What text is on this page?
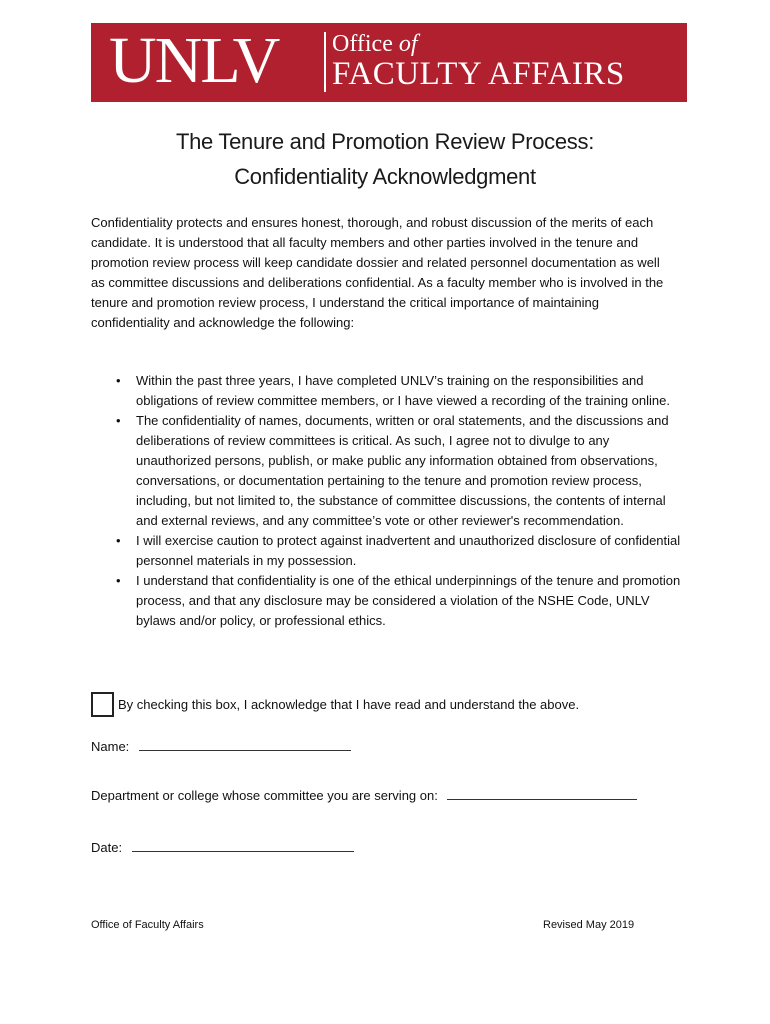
UNLV Office of
FACULTY AFFAIRS
The Tenure and Promotion Review Process:
Confidentiality Acknowledgment
Confidentiality protects and ensures honest, thorough, and robust discussion of the merits of each candidate. It is understood that all faculty members and other parties involved in the tenure and promotion review process will keep candidate dossier and related personnel documentation as well as committee discussions and deliberations confidential. As a faculty member who is involved in the tenure and promotion review process, I understand the critical importance of maintaining confidentiality and acknowledge the following:
•	Within the past three years, I have completed UNLV’s training on the responsibilities and obligations of review committee members, or I have viewed a recording of the training online.
•	The confidentiality of names, documents, written or oral statements, and the discussions and deliberations of review committees is critical. As such, I agree not to divulge to any unauthorized persons, publish, or make public any information obtained from observations, conversations, or documentation pertaining to the tenure and promotion review process, including, but not limited to, the substance of committee discussions, the contents of internal and external reviews, and any committee’s vote or other reviewer's recommendation.
•	I will exercise caution to protect against inadvertent and unauthorized disclosure of confidential personnel materials in my possession.
•	I understand that confidentiality is one of the ethical underpinnings of the tenure and promotion process, and that any disclosure may be considered a violation of the NSHE Code, UNLV bylaws and/or policy, or professional ethics.
By checking this box, I acknowledge that I have read and understand the above.
Name:
Department or college whose committee you are serving on:
Date:
Office of Faculty Affairs	Revised May 2019
